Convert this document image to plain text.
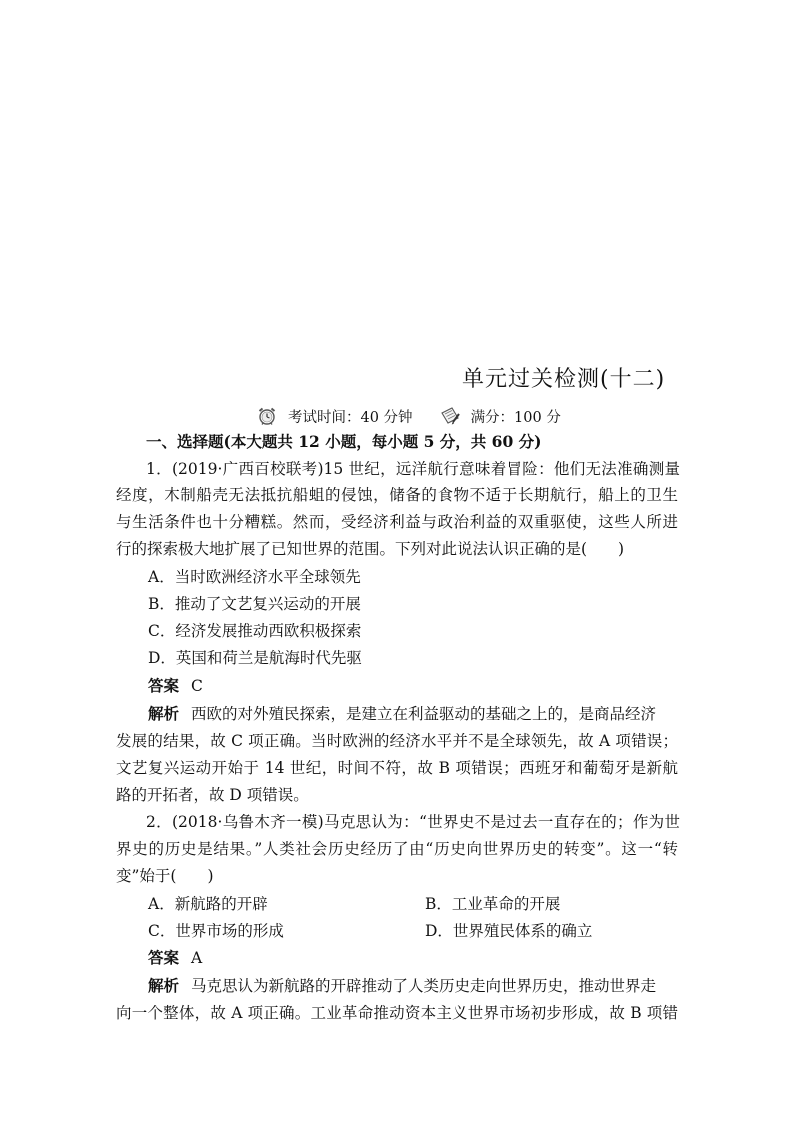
单元过关检测(十二)
考试时间：40 分钟	满分：100 分
一、选择题(本大题共 12 小题，每小题 5 分，共 60 分)
1．(2019·广西百校联考)15 世纪，远洋航行意味着冒险：他们无法准确测量
经度，木制船壳无法抵抗船蛆的侵蚀，储备的食物不适于长期航行，船上的卫生
与生活条件也十分糟糕。然而，受经济利益与政治利益的双重驱使，这些人所进
行的探索极大地扩展了已知世界的范围。下列对此说法认识正确的是(　　)
A．当时欧洲经济水平全球领先
B．推动了文艺复兴运动的开展
C．经济发展推动西欧积极探索
D．英国和荷兰是航海时代先驱
答案 C
解析 西欧的对外殖民探索，是建立在利益驱动的基础之上的，是商品经济
发展的结果，故 C 项正确。当时欧洲的经济水平并不是全球领先，故 A 项错误；
文艺复兴运动开始于 14 世纪，时间不符，故 B 项错误；西班牙和葡萄牙是新航
路的开拓者，故 D 项错误。
2．(2018·乌鲁木齐一模)马克思认为：“世界史不是过去一直存在的；作为世
界史的历史是结果。”人类社会历史经历了由“历史向世界历史的转变”。这一“转
变”始于(　　)
A．新航路的开辟	B．工业革命的开展
C．世界市场的形成	D．世界殖民体系的确立
答案 A
解析 马克思认为新航路的开辟推动了人类历史走向世界历史，推动世界走
向一个整体，故 A 项正确。工业革命推动资本主义世界市场初步形成，故 B 项错
